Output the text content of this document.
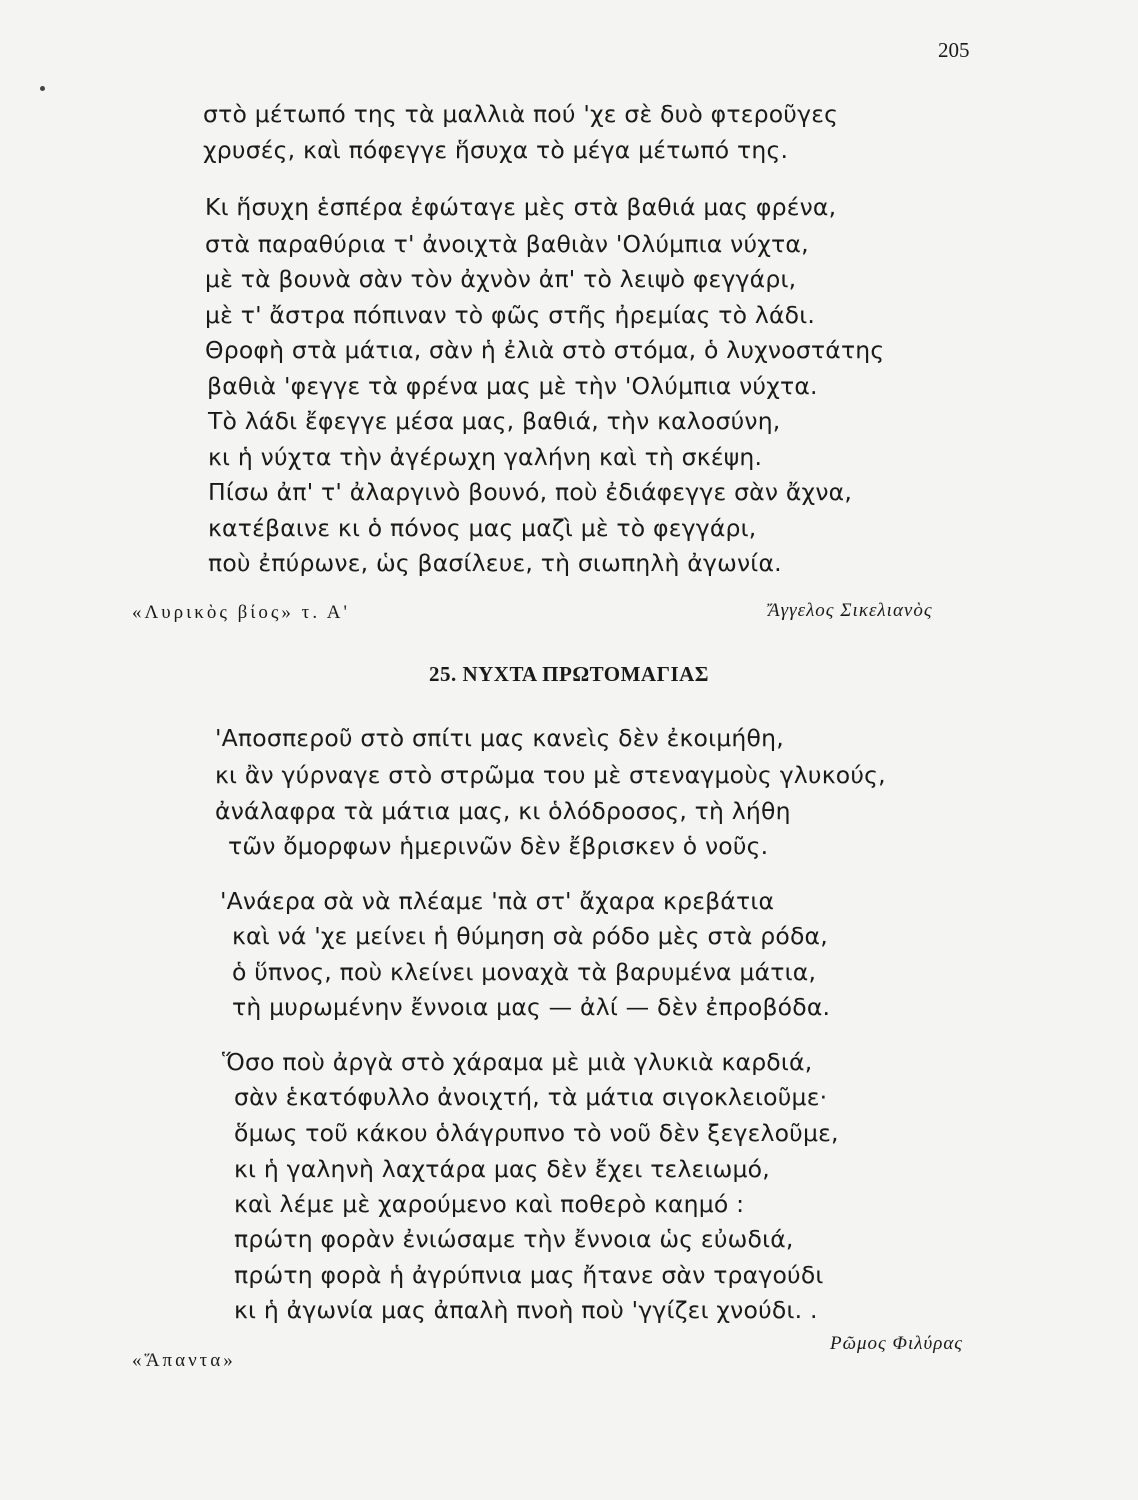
205
στὸ μέτωπό της τὰ μαλλιὰ πού 'χε σὲ δυὸ φτεροῦγες
χρυσές, καὶ πόφεγγε ἥσυχα τὸ μέγα μέτωπό της.
Κι ἥσυχη ἑσπέρα ἐφώταγε μὲς στὰ βαθιά μας φρένα,
στὰ παραθύρια τ' ἀνοιχτὰ βαθιὰν 'Ολύμπια νύχτα,
μὲ τὰ βουνὰ σὰν τὸν ἀχνὸν ἀπ' τὸ λειψὸ φεγγάρι,
μὲ τ' ἄστρα πόπιναν τὸ φῶς στῆς ἠρεμίας τὸ λάδι.
Θροφὴ στὰ μάτια, σὰν ἡ ἐλιὰ στὸ στόμα, ὁ λυχνοστάτης
βαθιὰ 'φεγγε τὰ φρένα μας μὲ τὴν 'Ολύμπια νύχτα.
Τὸ λάδι ἔφεγγε μέσα μας, βαθιά, τὴν καλοσύνη,
κι ἡ νύχτα τὴν ἀγέρωχη γαλήνη καὶ τὴ σκέψη.
Πίσω ἀπ' τ' ἀλαργινὸ βουνό, ποὺ ἐδιάφεγγε σὰν ἄχνα,
κατέβαινε κι ὁ πόνος μας μαζὶ μὲ τὸ φεγγάρι,
ποὺ ἐπύρωνε, ὡς βασίλευε, τὴ σιωπηλὴ ἀγωνία.
«Λυρικὸς βίος» τ. Α'	Ἄγγελος Σικελιανὸς
25. ΝΥΧΤΑ ΠΡΩΤΟΜΑΓΙΑΣ
'Αποσπεροῦ στὸ σπίτι μας κανεὶς δὲν ἐκοιμήθη,
κι ἂν γύρναγε στὸ στρῶμα του μὲ στεναγμοὺς γλυκούς,
ἀνάλαφρα τὰ μάτια μας, κι ὁλόδροσος, τὴ λήθη
τῶν ὄμορφων ἡμερινῶν δὲν ἔβρισκεν ὁ νοῦς.
'Ανάερα σὰ νὰ πλέαμε 'πὰ στ' ἄχαρα κρεβάτια
καὶ νά 'χε μείνει ἡ θύμηση σὰ ρόδο μὲς στὰ ρόδα,
ὁ ὕπνος, ποὺ κλείνει μοναχὰ τὰ βαρυμένα μάτια,
τὴ μυρωμένην ἔννοια μας — ἀλί — δὲν ἐπροβόδα.
Ὅσο ποὺ ἀργὰ στὸ χάραμα μὲ μιὰ γλυκιὰ καρδιά,
σὰν ἑκατόφυλλο ἀνοιχτή, τὰ μάτια σιγοκλειοῦμε·
ὅμως τοῦ κάκου ὁλάγρυπνο τὸ νοῦ δὲν ξεγελοῦμε,
κι ἡ γαληνὴ λαχτάρα μας δὲν ἔχει τελειωμό,
καὶ λέμε μὲ χαρούμενο καὶ ποθερὸ καημό :
πρώτη φορὰν ἐνιώσαμε τὴν ἔννοια ὡς εὐωδιά,
πρώτη φορὰ ἡ ἀγρύπνια μας ἤτανε σὰν τραγούδι
κι ἡ ἀγωνία μας ἀπαλὴ πνοὴ ποὺ 'γγίζει χνούδι. .
Ρῶμος Φιλύρας
«Ἅπαντα»
